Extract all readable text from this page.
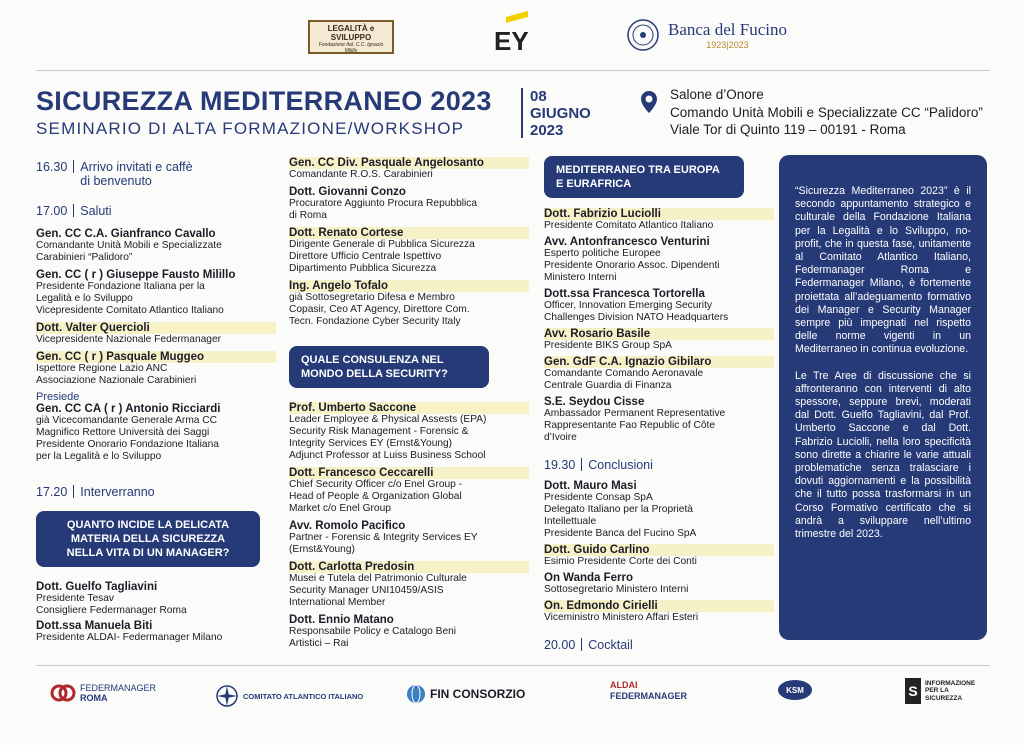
LEGALITÀ e SVILUPPO
Fondazione Ital. C.C. Ignazio Milillo	EY	Banca del Fucino
1923|2023
SICUREZZA MEDITERRANEO 2023
SEMINARIO DI ALTA FORMAZIONE/WORKSHOP
08
GIUGNO
2023
Salone d’Onore
Comando Unità Mobili e Specializzate CC “Palidoro”
Viale Tor di Quinto 119 – 00191 - Roma
16.30 Arrivo invitati e caffè
di benvenuto
17.00 Saluti
Gen. CC C.A. Gianfranco Cavallo
Comandante Unità Mobili e Specializzate
Carabinieri “Palidoro”
Gen. CC ( r ) Giuseppe Fausto Milillo
Presidente Fondazione Italiana per la
Legalità e lo Sviluppo
Vicepresidente Comitato Atlantico Italiano
Dott. Valter Quercioli
Vicepresidente Nazionale Federmanager
Gen. CC ( r ) Pasquale Muggeo
Ispettore Regione Lazio ANC
Associazione Nazionale Carabinieri
Presiede
Gen. CC CA ( r ) Antonio Ricciardi
già Vicecomandante Generale Arma CC
Magnifico Rettore Università dei Saggi
Presidente Onorario Fondazione Italiana
per la Legalità e lo Sviluppo
17.20 Interverranno
QUANTO INCIDE LA DELICATA
MATERIA DELLA SICUREZZA
NELLA VITA DI UN MANAGER?
Dott. Guelfo Tagliavini
Presidente Tesav
Consigliere Federmanager Roma
Dott.ssa Manuela Biti
Presidente ALDAI- Federmanager Milano
Gen. CC Div. Pasquale Angelosanto
Comandante R.O.S. Carabinieri
Dott. Giovanni Conzo
Procuratore Aggiunto Procura Repubblica
di Roma
Dott. Renato Cortese
Dirigente Generale di Pubblica Sicurezza
Direttore Ufficio Centrale Ispettivo
Dipartimento Pubblica Sicurezza
Ing. Angelo Tofalo
già Sottosegretario Difesa e Membro
Copasir, Ceo AT Agency, Direttore Com.
Tecn. Fondazione Cyber Security Italy
QUALE CONSULENZA NEL
MONDO DELLA SECURITY?
Prof. Umberto Saccone
Leader Employee & Physical Assests (EPA)
Security Risk Management - Forensic &
Integrity Services EY (Ernst&Young)
Adjunct Professor at Luiss Business School
Dott. Francesco Ceccarelli
Chief Security Officer c/o Enel Group -
Head of People & Organization Global
Market c/o Enel Group
Avv. Romolo Pacifico
Partner - Forensic & Integrity Services EY
(Ernst&Young)
Dott. Carlotta Predosin
Musei e Tutela del Patrimonio Culturale
Security Manager UNI10459/ASIS
International Member
Dott. Ennio Matano
Responsabile Policy e Catalogo Beni
Artistici – Rai
MEDITERRANEO TRA EUROPA
E EURAFRICA
Dott. Fabrizio Luciolli
Presidente Comitato Atlantico Italiano
Avv. Antonfrancesco Venturini
Esperto politiche Europee
Presidente Onorario Assoc. Dipendenti
Ministero Interni
Dott.ssa Francesca Tortorella
Officer, Innovation Emerging Security
Challenges Division NATO Headquarters
Avv. Rosario Basile
Presidente BIKS Group SpA
Gen. GdF C.A. Ignazio Gibilaro
Comandante Comando Aeronavale
Centrale Guardia di Finanza
S.E. Seydou Cisse
Ambassador Permanent Representative
Rappresentante Fao Republic of Côte
d’Ivoire
19.30 Conclusioni
Dott. Mauro Masi
Presidente Consap SpA
Delegato Italiano per la Proprietà
Intellettuale
Presidente Banca del Fucino SpA
Dott. Guido Carlino
Esimio Presidente Corte dei Conti
On Wanda Ferro
Sottosegretario Ministero Interni
On. Edmondo Cirielli
Viceministro Ministero Affari Esteri
20.00 Cocktail

“Sicurezza Mediterraneo 2023” è il secondo appuntamento strategico e culturale della Fondazione Italiana per la Legalità e lo Sviluppo, no-profit, che in questa fase, unitamente al Comitato Atlantico Italiano, Federmanager Roma e Federmanager Milano, è fortemente proiettata all’adeguamento formativo dei Manager e Security Manager sempre più impegnati nel rispetto delle norme vigenti in un Mediterraneo in continua evoluzione.

Le Tre Aree di discussione che si affronteranno con interventi di alto spessore, seppure brevi, moderati dal Dott. Guelfo Tagliavini, dal Prof. Umberto Saccone e dal Dott. Fabrizio Luciolli, nella loro specificità sono dirette a chiarire le varie attuali problematiche senza tralasciare i dovuti aggiornamenti e la possibilità che il tutto possa trasformarsi in un Corso Formativo certificato che si andrà a sviluppare nell’ultimo trimestre del 2023.

FEDERMANAGER
ROMA	COMITATO ATLANTICO ITALIANO	FIN CONSORZIO
ALDAI
FEDERMANAGER
KSM	S	INFORMAZIONE
PER LA
SICUREZZA
